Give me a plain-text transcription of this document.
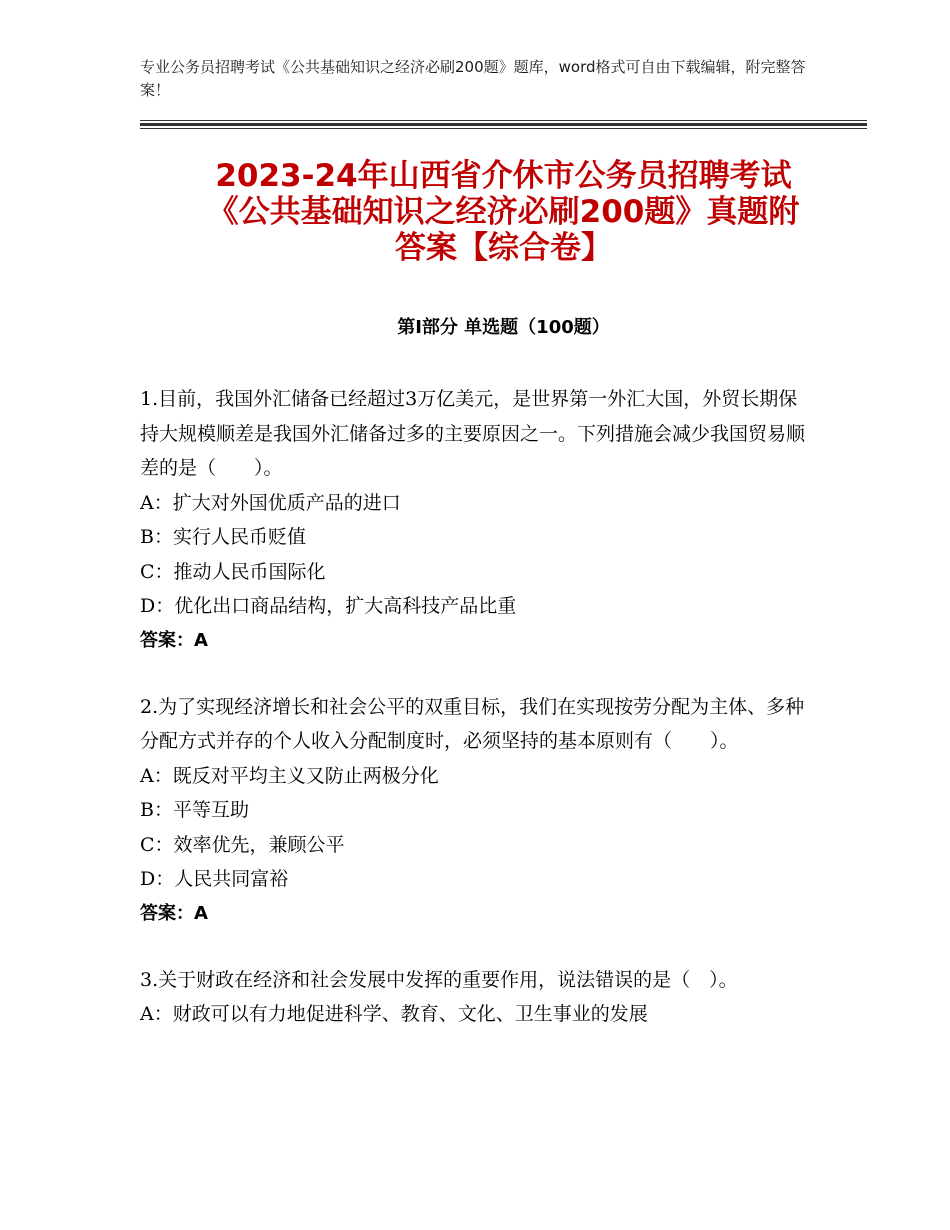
专业公务员招聘考试《公共基础知识之经济必刷200题》题库，word格式可自由下载编辑，附完整答案！
2023-24年山西省介休市公务员招聘考试
《公共基础知识之经济必刷200题》真题附
答案【综合卷】
第Ⅰ部分 单选题（100题）

1.目前，我国外汇储备已经超过3万亿美元，是世界第一外汇大国，外贸长期保持大规模顺差是我国外汇储备过多的主要原因之一。下列措施会减少我国贸易顺差的是（　　）。

A：扩大对外国优质产品的进口

B：实行人民币贬值

C：推动人民币国际化

D：优化出口商品结构，扩大高科技产品比重

答案：A

2.为了实现经济增长和社会公平的双重目标，我们在实现按劳分配为主体、多种分配方式并存的个人收入分配制度时，必须坚持的基本原则有（　　）。

A：既反对平均主义又防止两极分化

B：平等互助

C：效率优先，兼顾公平

D：人民共同富裕

答案：A

3.关于财政在经济和社会发展中发挥的重要作用，说法错误的是（　）。

A：财政可以有力地促进科学、教育、文化、卫生事业的发展
